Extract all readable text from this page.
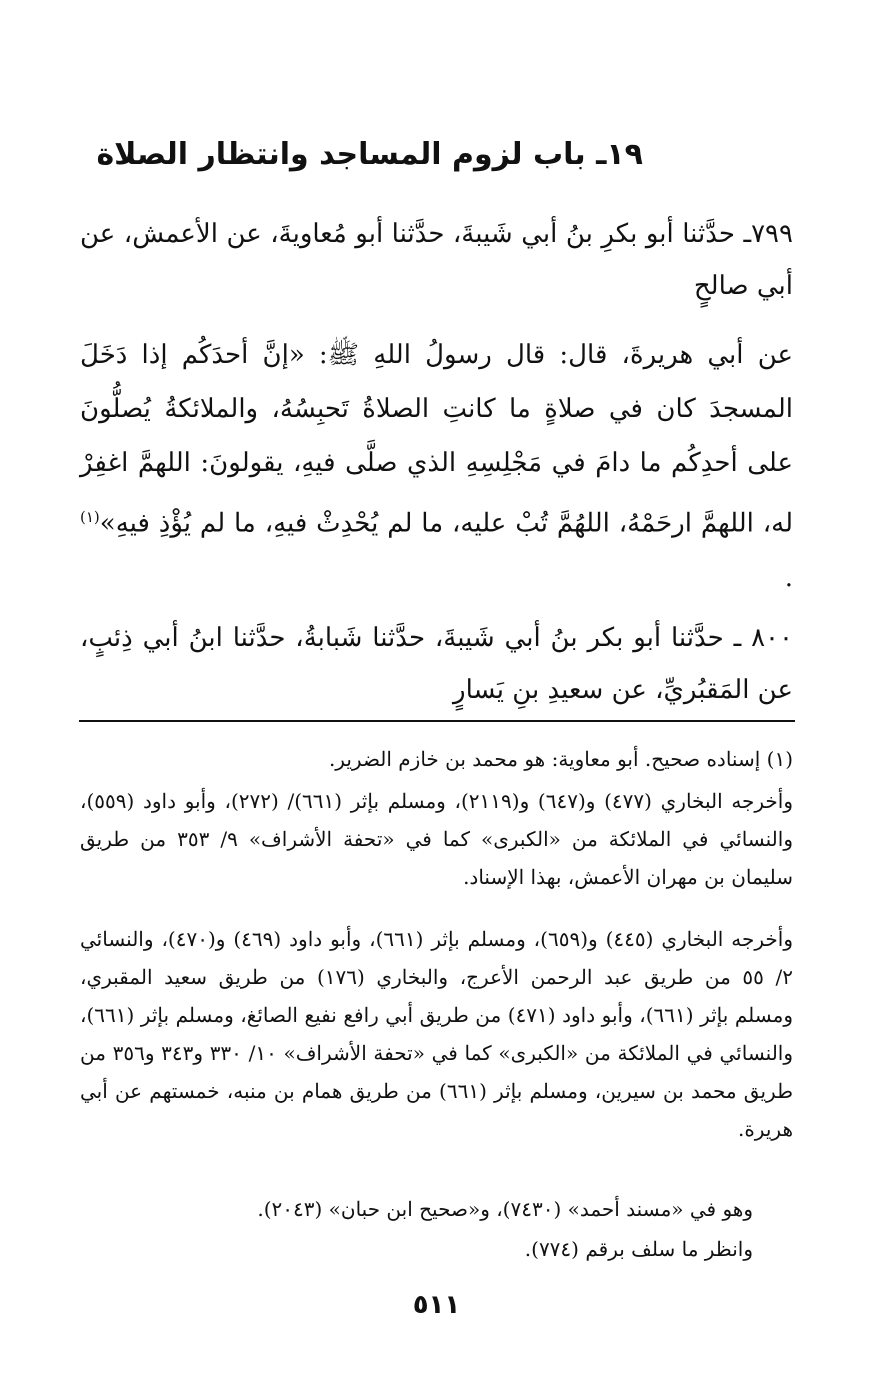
١٩ـ باب لزوم المساجد وانتظار الصلاة
٧٩٩ـ حدَّثنا أبو بكرِ بنُ أبي شَيبةَ، حدَّثنا أبو مُعاويةَ، عن الأعمش، عن أبي صالحٍ
عن أبي هريرةَ، قال: قال رسولُ اللهِ ﷺ: «إنَّ أحدَكُم إذا دَخَلَ المسجدَ كان في صلاةٍ ما كانتِ الصلاةُ تَحبِسُهُ، والملائكةُ يُصلُّونَ على أحدِكُم ما دامَ في مَجْلِسِهِ الذي صلَّى فيهِ، يقولونَ: اللهمَّ اغفِرْ له، اللهمَّ ارحَمْهُ، اللهُمَّ تُبْ عليه، ما لم يُحْدِثْ فيهِ، ما لم يُؤْذِ فيهِ»$^{(١)}$ .
٨٠٠ ـ حدَّثنا أبو بكر بنُ أبي شَيبةَ، حدَّثنا شَبابةُ، حدَّثنا ابنُ أبي ذِئبٍ، عن المَقبُريِّ، عن سعيدِ بنِ يَسارٍ
(١) إسناده صحيح. أبو معاوية: هو محمد بن خازم الضرير.
وأخرجه البخاري (٤٧٧) و(٦٤٧) و(٢١١٩)، ومسلم بإثر (٦٦١)/ (٢٧٢)، وأبو داود (٥٥٩)، والنسائي في الملائكة من «الكبرى» كما في «تحفة الأشراف» ٩/ ٣٥٣ من طريق سليمان بن مهران الأعمش، بهذا الإسناد.
وأخرجه البخاري (٤٤٥) و(٦٥٩)، ومسلم بإثر (٦٦١)، وأبو داود (٤٦٩) و(٤٧٠)، والنسائي ٢/ ٥٥ من طريق عبد الرحمن الأعرج، والبخاري (١٧٦) من طريق سعيد المقبري، ومسلم بإثر (٦٦١)، وأبو داود (٤٧١) من طريق أبي رافع نفيع الصائغ، ومسلم بإثر (٦٦١)، والنسائي في الملائكة من «الكبرى» كما في «تحفة الأشراف» ١٠/ ٣٣٠ و٣٤٣ و٣٥٦ من طريق محمد بن سيرين، ومسلم بإثر (٦٦١) من طريق همام بن منبه، خمستهم عن أبي هريرة.
وهو في «مسند أحمد» (٧٤٣٠)، و«صحيح ابن حبان» (٢٠٤٣).
وانظر ما سلف برقم (٧٧٤).
٥١١
